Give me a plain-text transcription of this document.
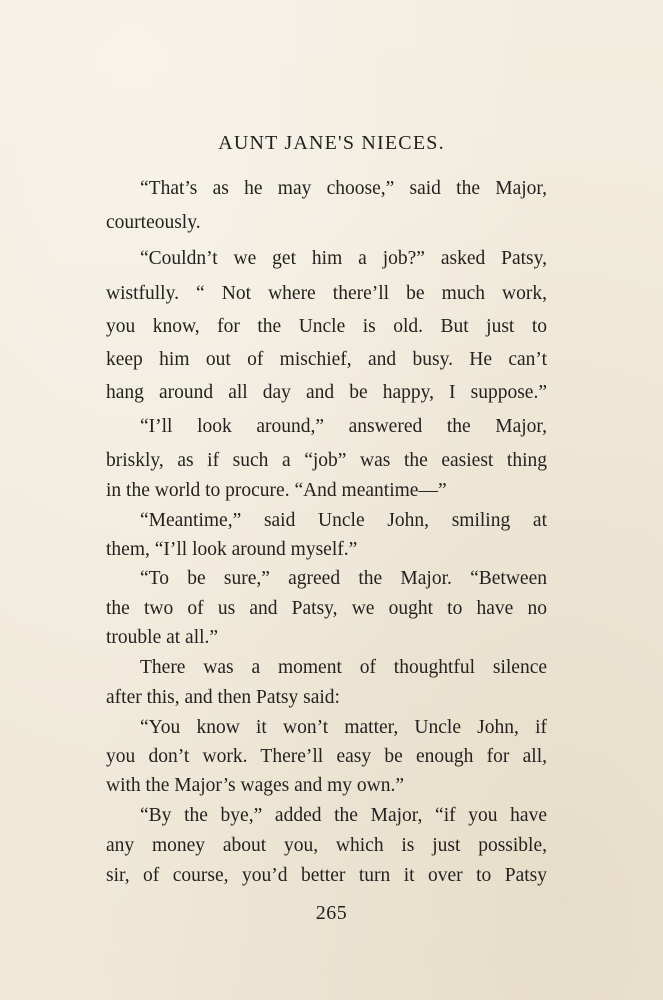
AUNT JANE'S NIECES.
“That’s as he may choose,” said the Major,
courteously.
“Couldn’t we get him a job?” asked Patsy,
wistfully. “ Not where there’ll be much work,
you know, for the Uncle is old. But just to
keep him out of mischief, and busy. He can’t
hang around all day and be happy, I suppose.”
“I’ll look around,” answered the Major,
briskly, as if such a “job” was the easiest thing
in the world to procure. “And meantime—”
“Meantime,” said Uncle John, smiling at
them, “I’ll look around myself.”
“To be sure,” agreed the Major. “Between
the two of us and Patsy, we ought to have no
trouble at all.”
There was a moment of thoughtful silence
after this, and then Patsy said:
“You know it won’t matter, Uncle John, if
you don’t work. There’ll easy be enough for all,
with the Major’s wages and my own.”
“By the bye,” added the Major, “if you have
any money about you, which is just possible,
sir, of course, you’d better turn it over to Patsy
265
